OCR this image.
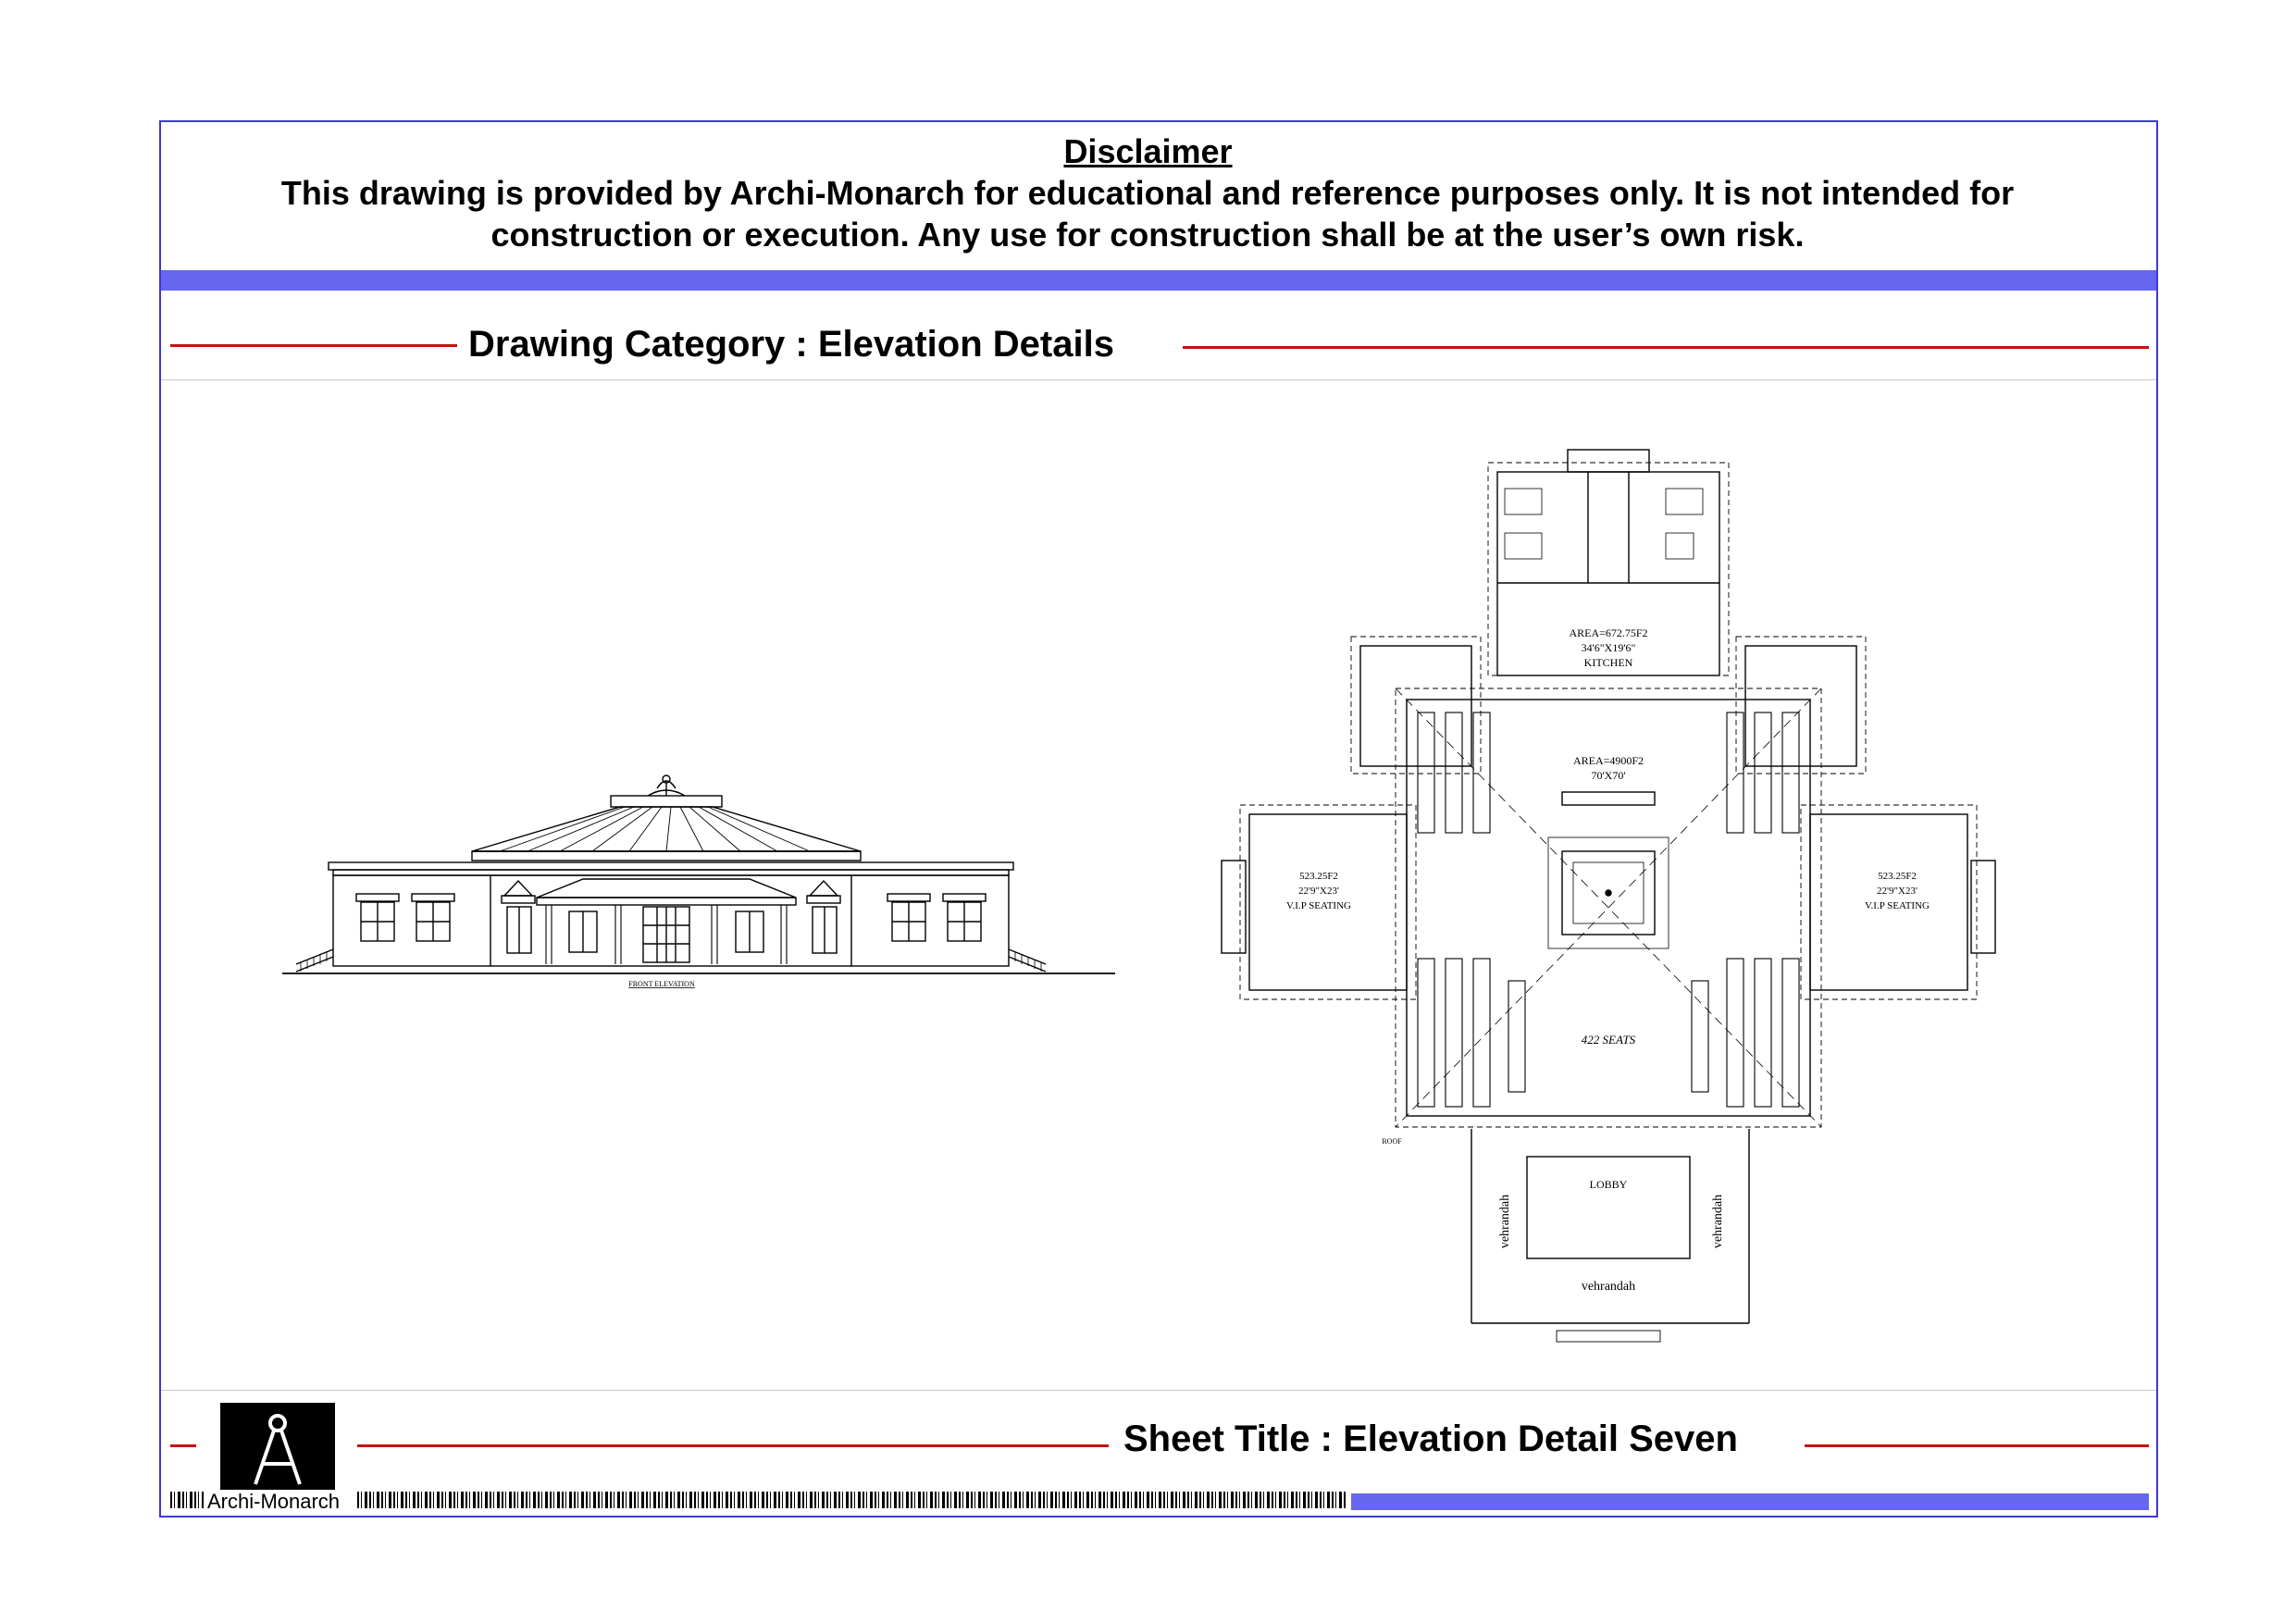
Disclaimer
This drawing is provided by Archi-Monarch for educational and reference purposes only. It is not intended for
construction or execution. Any use for construction shall be at the user’s own risk.
Drawing Category : Elevation Details
FRONT ELEVATION
AREA=672.75F2
34'6"X19'6"
KITCHEN
AREA=4900F2
70'X70'
523.25F2
22'9"X23'
V.I.P SEATING
523.25F2
22'9"X23'
V.I.P SEATING
422 SEATS
ROOF
LOBBY
vehrandah	vehrandah
vehrandah
Archi-Monarch
Sheet Title : Elevation Detail Seven
